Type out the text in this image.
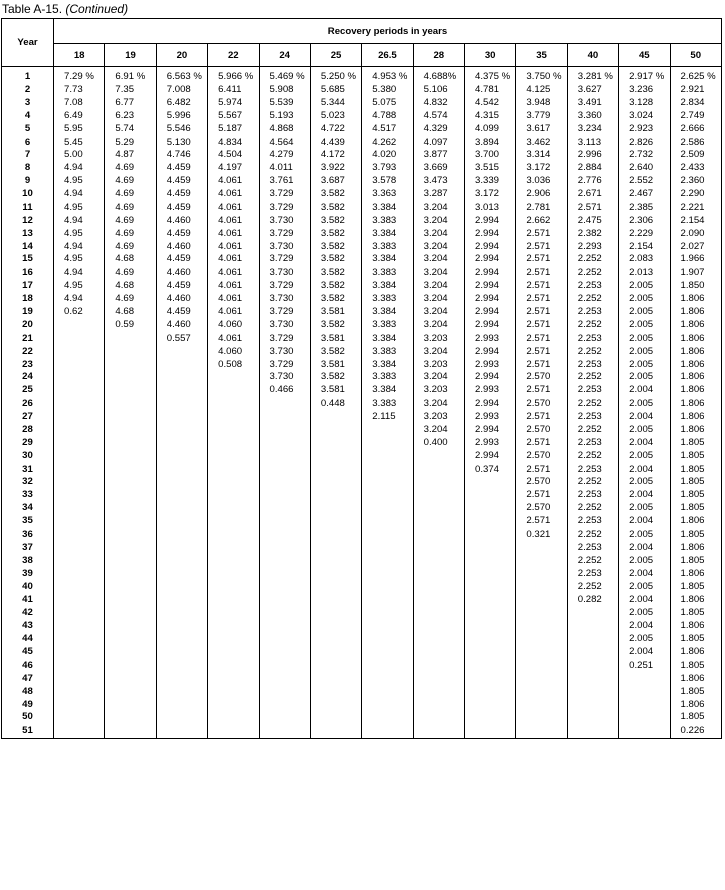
Table A-15. (Continued)
Year	Recovery periods in years												
	18	19	20	22	24	25	26.5	28	30	35	40	45	50

1	7.29 %	6.91 %	6.563 %	5.966 %	5.469 %	5.250 %	4.953 %	4.688%	4.375 %	3.750 %	3.281 %	2.917 %	2.625 %
2	7.73	7.35	7.008	6.411	5.908	5.685	5.380	5.106	4.781	4.125	3.627	3.236	2.921
3	7.08	6.77	6.482	5.974	5.539	5.344	5.075	4.832	4.542	3.948	3.491	3.128	2.834
4	6.49	6.23	5.996	5.567	5.193	5.023	4.788	4.574	4.315	3.779	3.360	3.024	2.749
5	5.95	5.74	5.546	5.187	4.868	4.722	4.517	4.329	4.099	3.617	3.234	2.923	2.666
6	5.45	5.29	5.130	4.834	4.564	4.439	4.262	4.097	3.894	3.462	3.113	2.826	2.586
7	5.00	4.87	4.746	4.504	4.279	4.172	4.020	3.877	3.700	3.314	2.996	2.732	2.509
8	4.94	4.69	4.459	4.197	4.011	3.922	3.793	3.669	3.515	3.172	2.884	2.640	2.433
9	4.95	4.69	4.459	4.061	3.761	3.687	3.578	3.473	3.339	3.036	2.776	2.552	2.360
10	4.94	4.69	4.459	4.061	3.729	3.582	3.363	3.287	3.172	2.906	2.671	2.467	2.290
11	4.95	4.69	4.459	4.061	3.729	3.582	3.384	3.204	3.013	2.781	2.571	2.385	2.221
12	4.94	4.69	4.460	4.061	3.730	3.582	3.383	3.204	2.994	2.662	2.475	2.306	2.154
13	4.95	4.69	4.459	4.061	3.729	3.582	3.384	3.204	2.994	2.571	2.382	2.229	2.090
14	4.94	4.69	4.460	4.061	3.730	3.582	3.383	3.204	2.994	2.571	2.293	2.154	2.027
15	4.95	4.68	4.459	4.061	3.729	3.582	3.384	3.204	2.994	2.571	2.252	2.083	1.966
16	4.94	4.69	4.460	4.061	3.730	3.582	3.383	3.204	2.994	2.571	2.252	2.013	1.907
17	4.95	4.68	4.459	4.061	3.729	3.582	3.384	3.204	2.994	2.571	2.253	2.005	1.850
18	4.94	4.69	4.460	4.061	3.730	3.582	3.383	3.204	2.994	2.571	2.252	2.005	1.806
19	0.62	4.68	4.459	4.061	3.729	3.581	3.384	3.204	2.994	2.571	2.253	2.005	1.806
20		0.59	4.460	4.060	3.730	3.582	3.383	3.204	2.994	2.571	2.252	2.005	1.806
21			0.557	4.061	3.729	3.581	3.384	3.203	2.993	2.571	2.253	2.005	1.806
22				4.060	3.730	3.582	3.383	3.204	2.994	2.571	2.252	2.005	1.806
23				0.508	3.729	3.581	3.384	3.203	2.993	2.571	2.253	2.005	1.806
24					3.730	3.582	3.383	3.204	2.994	2.570	2.252	2.005	1.806
25					0.466	3.581	3.384	3.203	2.993	2.571	2.253	2.004	1.806
26						0.448	3.383	3.204	2.994	2.570	2.252	2.005	1.806
27							2.115	3.203	2.993	2.571	2.253	2.004	1.806
28								3.204	2.994	2.570	2.252	2.005	1.806
29								0.400	2.993	2.571	2.253	2.004	1.805
30									2.994	2.570	2.252	2.005	1.805
31									0.374	2.571	2.253	2.004	1.805
32										2.570	2.252	2.005	1.805
33										2.571	2.253	2.004	1.805
34										2.570	2.252	2.005	1.805
35										2.571	2.253	2.004	1.806
36										0.321	2.252	2.005	1.805
37											2.253	2.004	1.806
38											2.252	2.005	1.805
39											2.253	2.004	1.806
40											2.252	2.005	1.805
41											0.282	2.004	1.806
42												2.005	1.805
43												2.004	1.806
44												2.005	1.805
45												2.004	1.806
46												0.251	1.805
47													1.806
48													1.805
49													1.806
50													1.805
51													0.226
